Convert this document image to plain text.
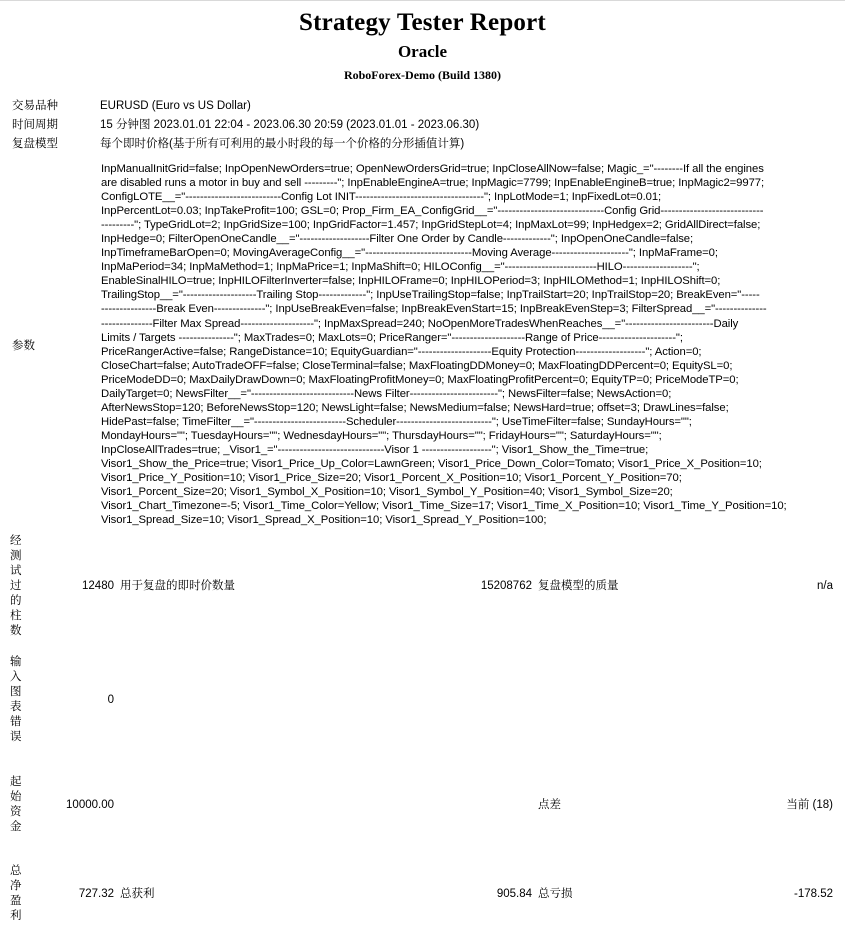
Strategy Tester Report
Oracle
RoboForex-Demo (Build 1380)
交易品种	EURUSD (Euro vs US Dollar)
时间周期	15 分钟图 2023.01.01 22:04 - 2023.06.30 20:59 (2023.01.01 - 2023.06.30)
复盘模型	每个即时价格(基于所有可利用的最小时段的每一个价格的分形插值计算)
参数	
InpManualInitGrid=false; InpOpenNewOrders=true; OpenNewOrdersGrid=true; InpCloseAllNow=false; Magic_="--------If all the engines
are disabled runs a motor in buy and sell ---------"; InpEnableEngineA=true; InpMagic=7799; InpEnableEngineB=true; InpMagic2=9977;
ConfigLOTE__="--------------------------Config Lot INIT-----------------------------------"; InpLotMode=1; InpFixedLot=0.01;
InpPercentLot=0.03; InpTakeProfit=100; GSL=0; Prop_Firm_EA_ConfigGrid__="-----------------------------Config Grid----------------------------
---------"; TypeGridLot=2; InpGridSize=100; InpGridFactor=1.457; InpGridStepLot=4; InpMaxLot=99; InpHedgex=2; GridAllDirect=false;
InpHedge=0; FilterOpenOneCandle__="-------------------Filter One Order by Candle-------------"; InpOpenOneCandle=false;
InpTimeframeBarOpen=0; MovingAverageConfig__="-----------------------------Moving Average---------------------"; InpMaFrame=0;
InpMaPeriod=34; InpMaMethod=1; InpMaPrice=1; InpMaShift=0; HILOConfig__="-------------------------HILO-------------------";
EnableSinalHILO=true; InpHILOFilterInverter=false; InpHILOFrame=0; InpHILOPeriod=3; InpHILOMethod=1; InpHILOShift=0;
TrailingStop__="--------------------Trailing Stop-------------"; InpUseTrailingStop=false; InpTrailStart=20; InpTrailStop=20; BreakEven="-----
---------------Break Even--------------"; InpUseBreakEven=false; InpBreakEvenStart=15; InpBreakEvenStep=3; FilterSpread__="--------------
--------------Filter Max Spread--------------------"; InpMaxSpread=240; NoOpenMoreTradesWhenReaches__="------------------------Daily
Limits / Targets ---------------"; MaxTrades=0; MaxLots=0; PriceRanger="--------------------Range of Price---------------------";
PriceRangerActive=false; RangeDistance=10; EquityGuardian="--------------------Equity Protection-------------------"; Action=0;
CloseChart=false; AutoTradeOFF=false; CloseTerminal=false; MaxFloatingDDMoney=0; MaxFloatingDDPercent=0; EquitySL=0;
PriceModeDD=0; MaxDailyDrawDown=0; MaxFloatingProfitMoney=0; MaxFloatingProfitPercent=0; EquityTP=0; PriceModeTP=0;
DailyTarget=0; NewsFilter__="----------------------------News Filter------------------------"; NewsFilter=false; NewsAction=0;
AfterNewsStop=120; BeforeNewsStop=120; NewsLight=false; NewsMedium=false; NewsHard=true; offset=3; DrawLines=false;
HidePast=false; TimeFilter__="-------------------------Scheduler--------------------------"; UseTimeFilter=false; SundayHours="";
MondayHours=""; TuesdayHours=""; WednesdayHours=""; ThursdayHours=""; FridayHours=""; SaturdayHours="";
InpCloseAllTrades=true; _Visor1_="-----------------------------Visor 1 -------------------"; Visor1_Show_the_Time=true;
Visor1_Show_the_Price=true; Visor1_Price_Up_Color=LawnGreen; Visor1_Price_Down_Color=Tomato; Visor1_Price_X_Position=10;
Visor1_Price_Y_Position=10; Visor1_Price_Size=20; Visor1_Porcent_X_Position=10; Visor1_Porcent_Y_Position=70;
Visor1_Porcent_Size=20; Visor1_Symbol_X_Position=10; Visor1_Symbol_Y_Position=40; Visor1_Symbol_Size=20;
Visor1_Chart_Timezone=-5; Visor1_Time_Color=Yellow; Visor1_Time_Size=17; Visor1_Time_X_Position=10; Visor1_Time_Y_Position=10;
Visor1_Spread_Size=10; Visor1_Spread_X_Position=10; Visor1_Spread_Y_Position=100;
经测试过的柱数	12480	用于复盘的即时价数量	15208762	复盘模型的质量	n/a

输入图表错误	0				

起始资金	10000.00			点差	当前 (18)

总净盈利	727.32	总获利	905.84	总亏损	-178.52
